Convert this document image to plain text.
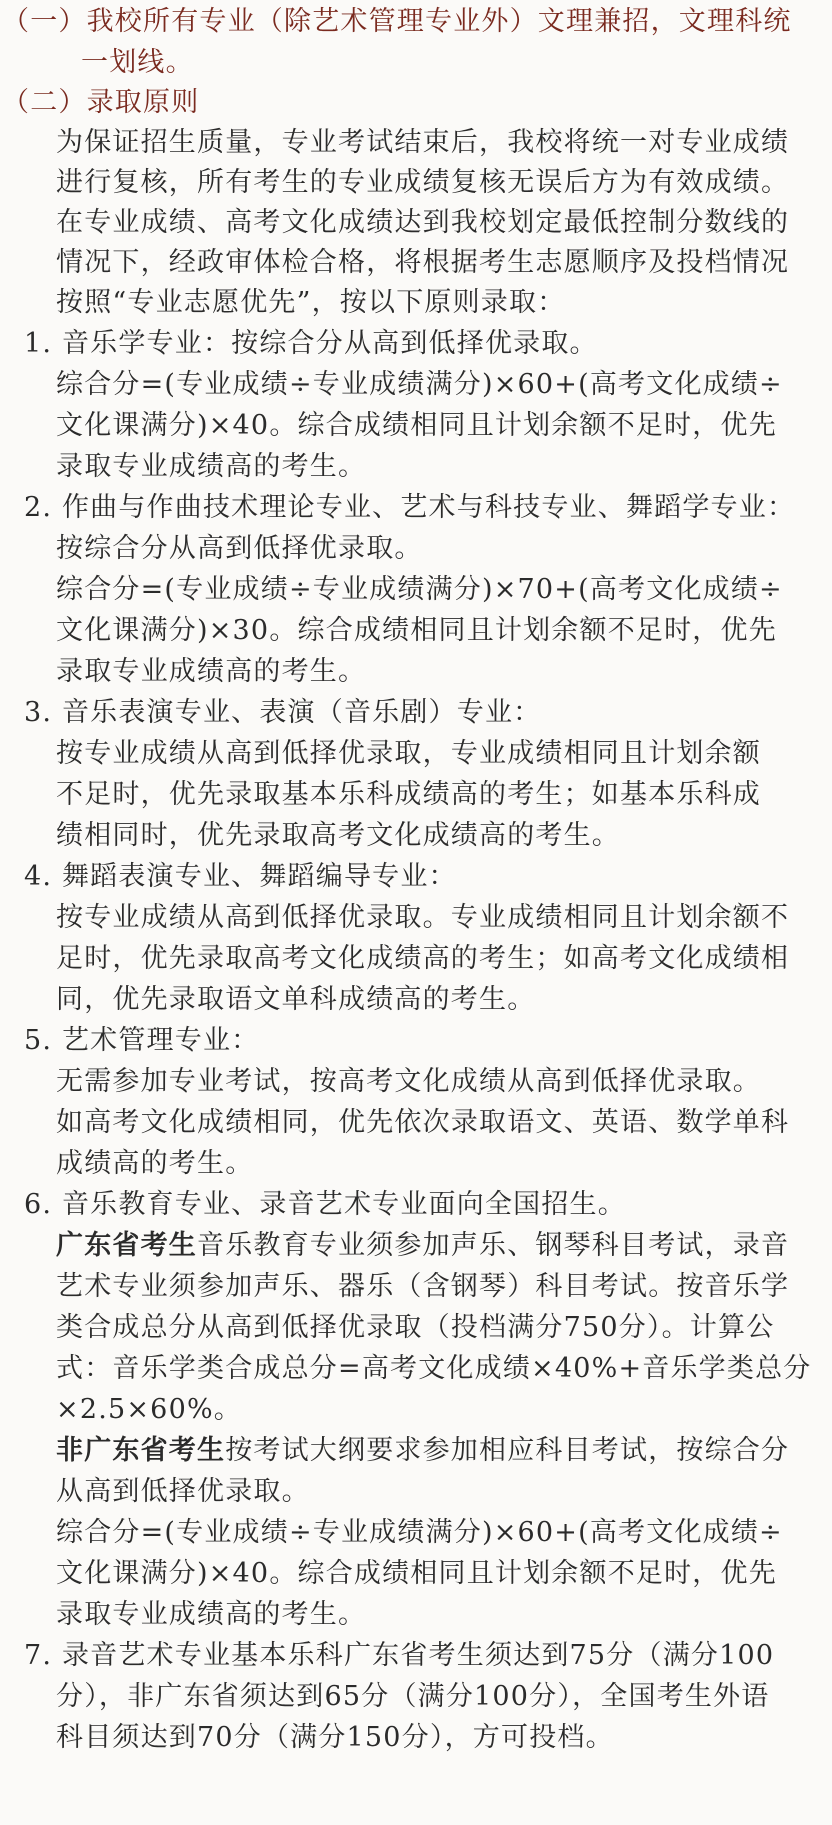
（一）我校所有专业（除艺术管理专业外）文理兼招，文理科统
一划线。
（二）录取原则
为保证招生质量，专业考试结束后，我校将统一对专业成绩
进行复核，所有考生的专业成绩复核无误后方为有效成绩。
在专业成绩、高考文化成绩达到我校划定最低控制分数线的
情况下，经政审体检合格，将根据考生志愿顺序及投档情况
按照“专业志愿优先”，按以下原则录取：
1. 音乐学专业：按综合分从高到低择优录取。
综合分=(专业成绩÷专业成绩满分)×60+(高考文化成绩÷
文化课满分)×40。综合成绩相同且计划余额不足时，优先
录取专业成绩高的考生。
2. 作曲与作曲技术理论专业、艺术与科技专业、舞蹈学专业：
按综合分从高到低择优录取。
综合分=(专业成绩÷专业成绩满分)×70+(高考文化成绩÷
文化课满分)×30。综合成绩相同且计划余额不足时，优先
录取专业成绩高的考生。
3. 音乐表演专业、表演（音乐剧）专业：
按专业成绩从高到低择优录取，专业成绩相同且计划余额
不足时，优先录取基本乐科成绩高的考生；如基本乐科成
绩相同时，优先录取高考文化成绩高的考生。
4. 舞蹈表演专业、舞蹈编导专业：
按专业成绩从高到低择优录取。专业成绩相同且计划余额不
足时，优先录取高考文化成绩高的考生；如高考文化成绩相
同，优先录取语文单科成绩高的考生。
5. 艺术管理专业：
无需参加专业考试，按高考文化成绩从高到低择优录取。
如高考文化成绩相同，优先依次录取语文、英语、数学单科
成绩高的考生。
6. 音乐教育专业、录音艺术专业面向全国招生。
广东省考生音乐教育专业须参加声乐、钢琴科目考试，录音
艺术专业须参加声乐、器乐（含钢琴）科目考试。按音乐学
类合成总分从高到低择优录取（投档满分750分）。计算公
式：音乐学类合成总分=高考文化成绩×40%+音乐学类总分
×2.5×60%。
非广东省考生按考试大纲要求参加相应科目考试，按综合分
从高到低择优录取。
综合分=(专业成绩÷专业成绩满分)×60+(高考文化成绩÷
文化课满分)×40。综合成绩相同且计划余额不足时，优先
录取专业成绩高的考生。
7. 录音艺术专业基本乐科广东省考生须达到75分（满分100
分），非广东省须达到65分（满分100分），全国考生外语
科目须达到70分（满分150分），方可投档。
